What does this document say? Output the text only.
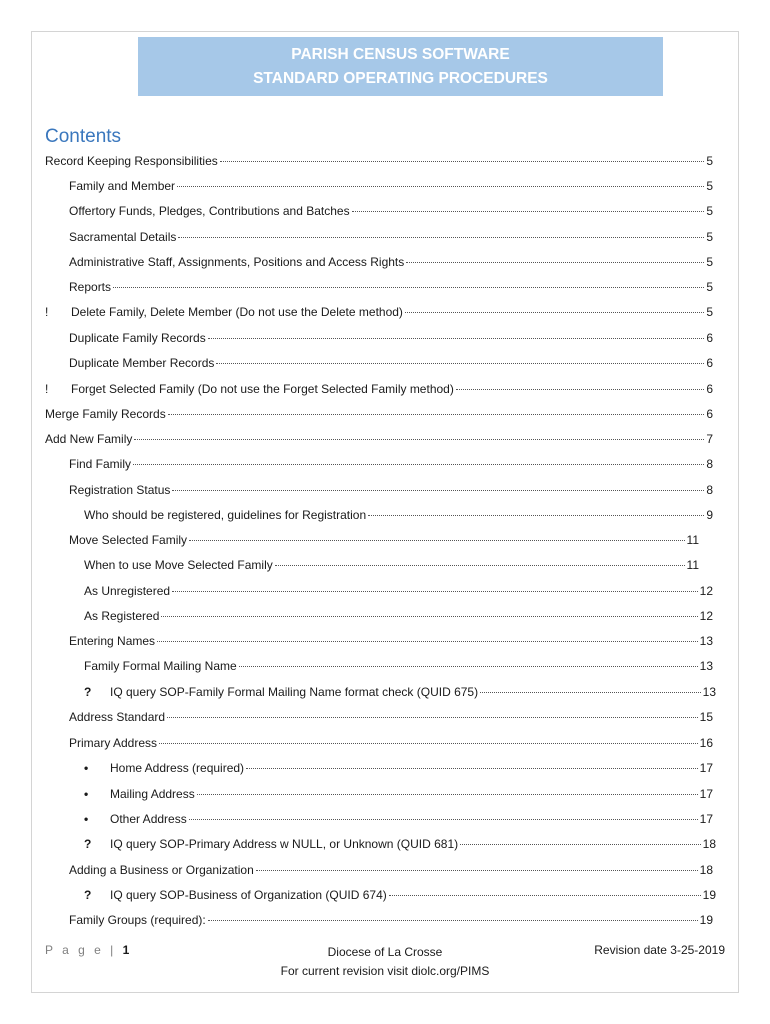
PARISH CENSUS SOFTWARE
STANDARD OPERATING PROCEDURES
Contents
Record Keeping Responsibilities	5
Family and Member	5
Offertory Funds, Pledges, Contributions and Batches	5
Sacramental Details	5
Administrative Staff, Assignments, Positions and Access Rights	5
Reports	5
!	Delete Family, Delete Member (Do not use the Delete method)	5
Duplicate Family Records	6
Duplicate Member Records	6
!	Forget Selected Family (Do not use the Forget Selected Family method)	6
Merge Family Records	6
Add New Family	7
Find Family	8
Registration Status	8
Who should be registered, guidelines for Registration	9
Move Selected Family	11
When to use Move Selected Family	11
As Unregistered	12
As Registered	12
Entering Names	13
Family Formal Mailing Name	13
?	IQ query SOP-Family Formal Mailing Name format check (QUID 675)	13
Address Standard	15
Primary Address	16
•	Home Address (required)	17
•	Mailing Address	17
•	Other Address	17
?	IQ query SOP-Primary Address w NULL, or Unknown (QUID 681)	18
Adding a Business or Organization	18
?	IQ query SOP-Business of Organization (QUID 674)	19
Family Groups (required):	19
P a g e | 1	Diocese of La Crosse
For current revision visit diolc.org/PIMS
Revision date 3-25-2019
